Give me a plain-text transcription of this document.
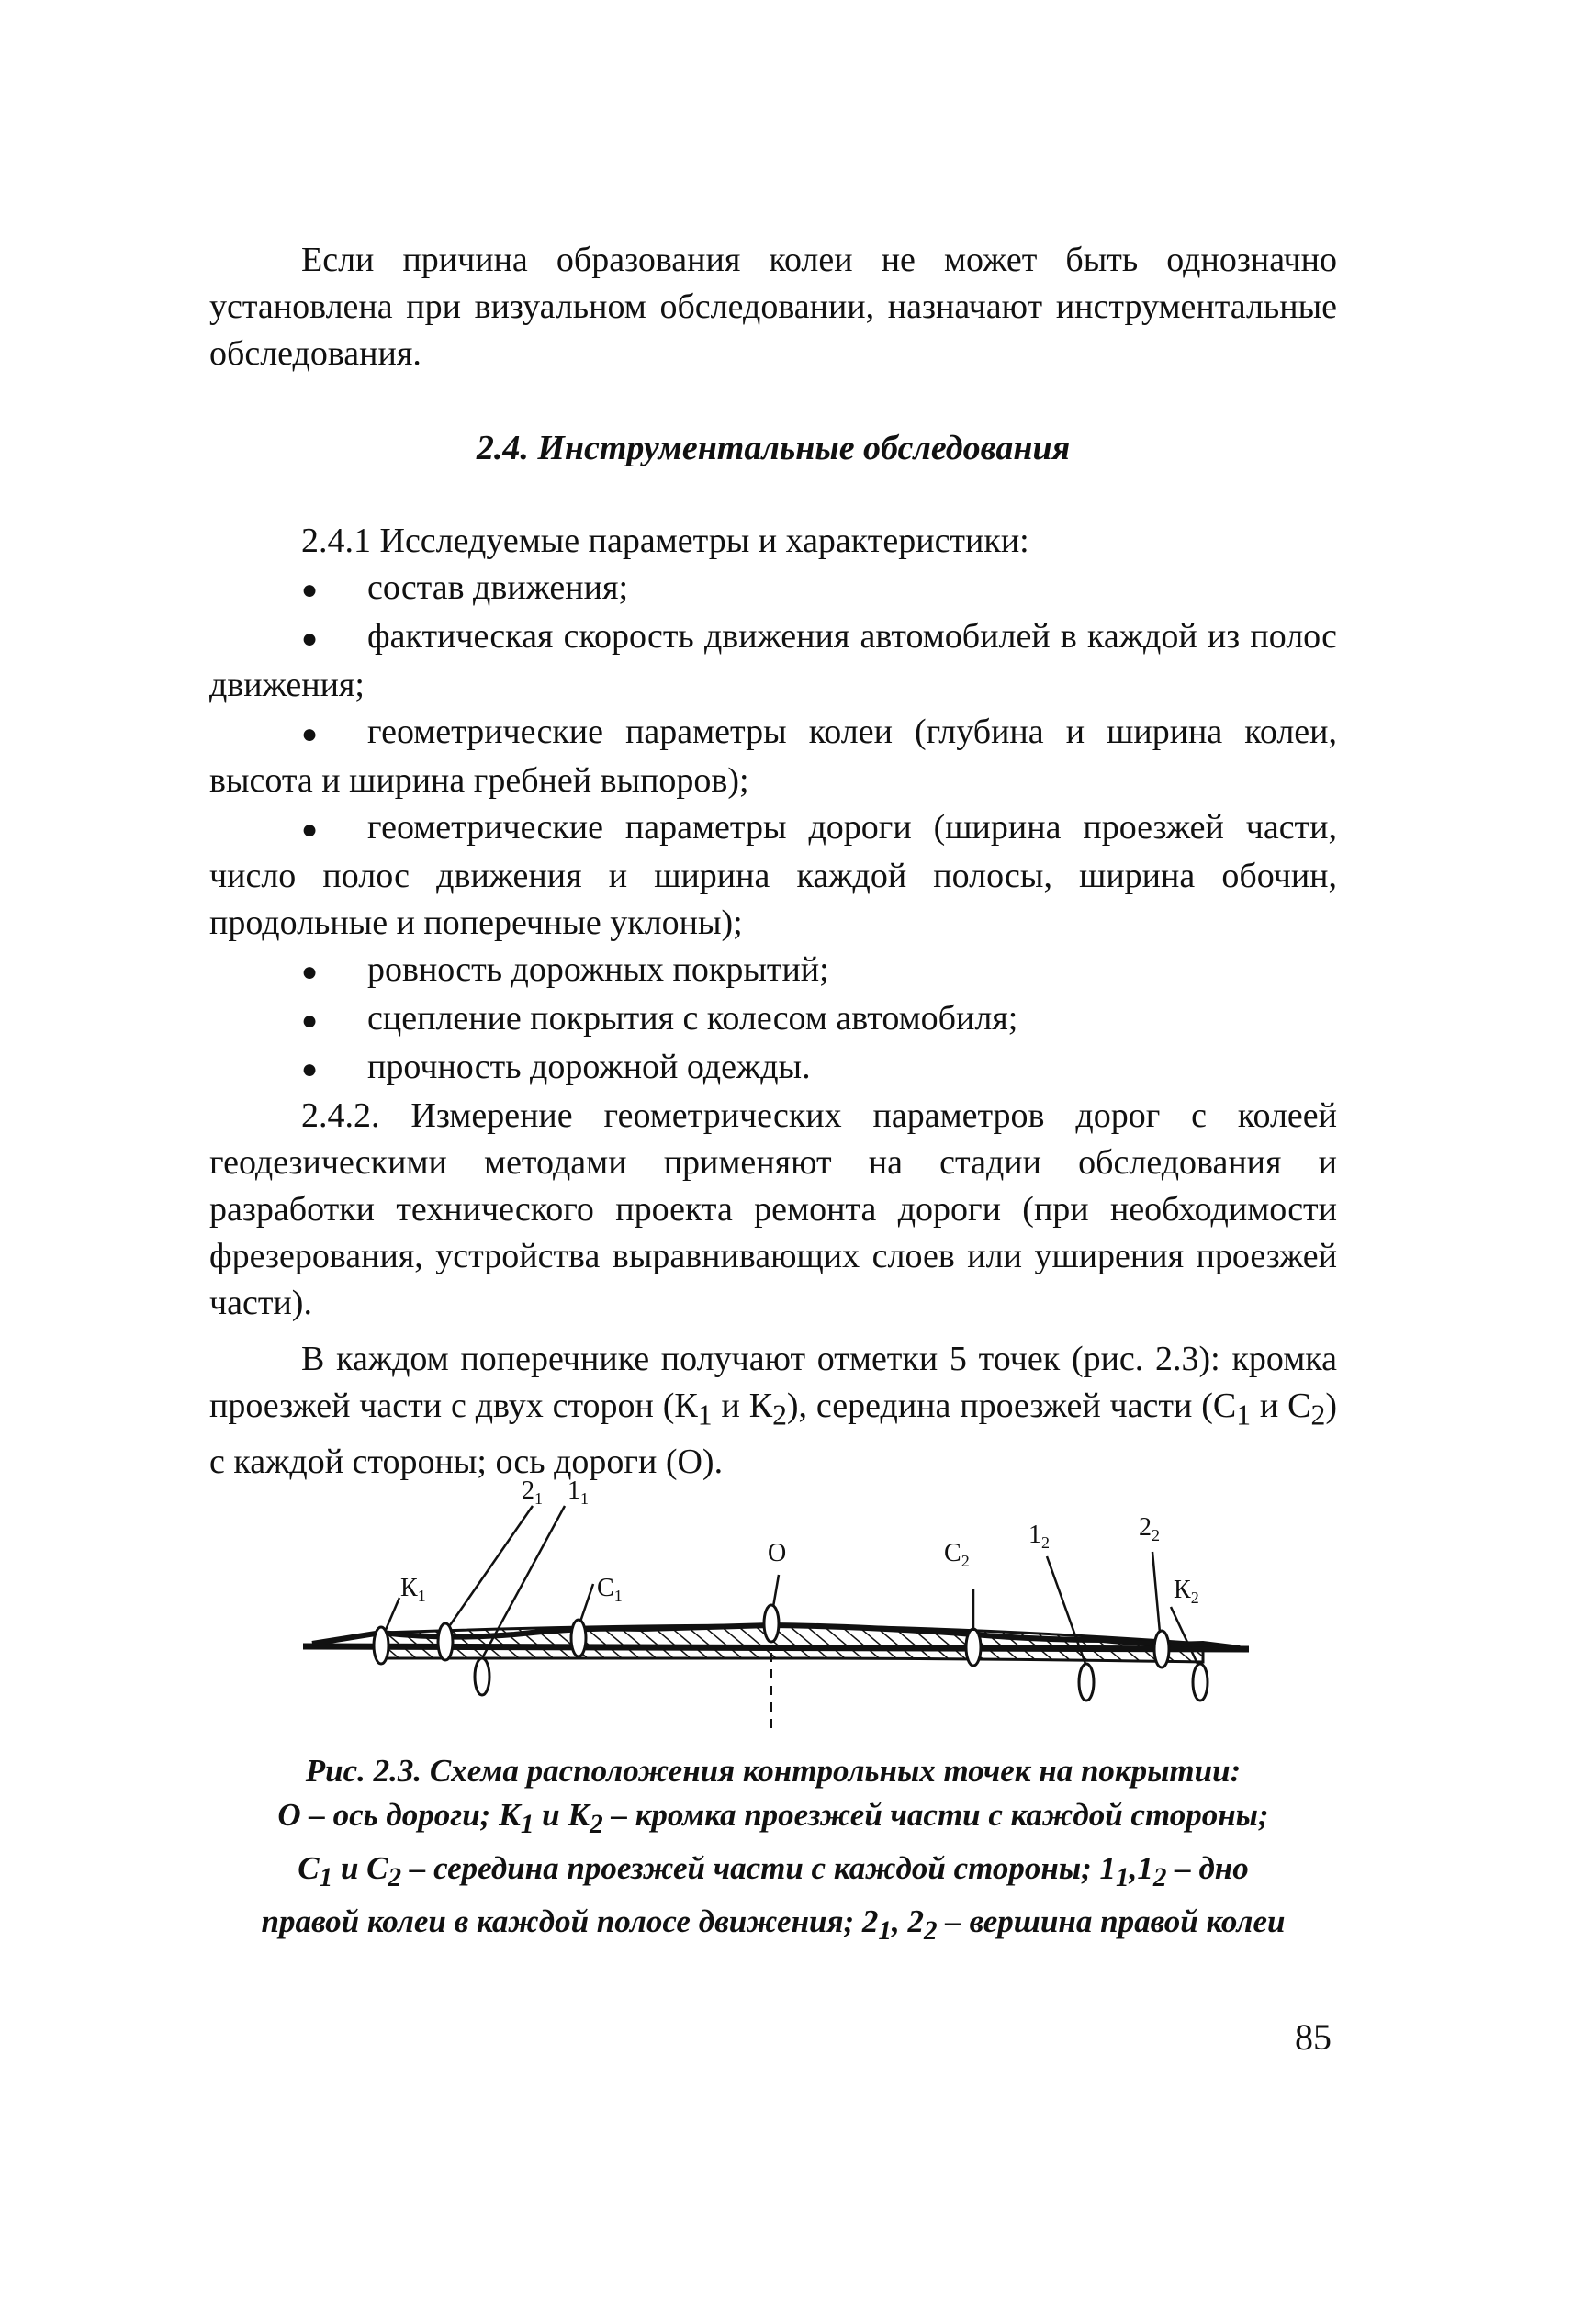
Если причина образования колеи не может быть однозначно установлена при визуальном обследовании, назначают инструментальные обследования.

2.4. Инструментальные обследования

2.4.1 Исследуемые параметры и характеристики:

●	состав движения;
● фактическая скорость движения автомобилей в каждой из полос движения;
● геометрические параметры колеи (глубина и ширина колеи, высота и ширина гребней выпоров);
● геометрические параметры дороги (ширина проезжей части, число полос движения и ширина каждой полосы, ширина обочин, продольные и поперечные уклоны);
●	ровность дорожных покрытий;
●	сцепление покрытия с колесом автомобиля;
●	прочность дорожной одежды.

2.4.2. Измерение геометрических параметров дорог с колеей геодезическими методами применяют на стадии обследования и разработки технического проекта ремонта дороги (при необходимости фрезерования, устройства выравнивающих слоев или уширения проезжей части).

В каждом поперечнике получают отметки 5 точек (рис. 2.3): кромка проезжей части с двух сторон ($К_1$ и $К_2$), середина проезжей части ($С_1$ и $С_2$) с каждой стороны; ось дороги (О).

$К_1$
$2_1$ $1_1$
$С_1$
О	$С_2$
$1_2$
$2_2$
$К_2$
Рис. 2.3. Схема расположения контрольных точек на покрытии:
О – ось дороги; $К_1$ и $К_2$ – кромка проезжей части с каждой стороны;
$С_1$ и $С_2$ – середина проезжей части с каждой стороны; $1_1,1_2$ – дно
правой колеи в каждой полосе движения; $2_1$, $2_2$ – вершина правой колеи
85
